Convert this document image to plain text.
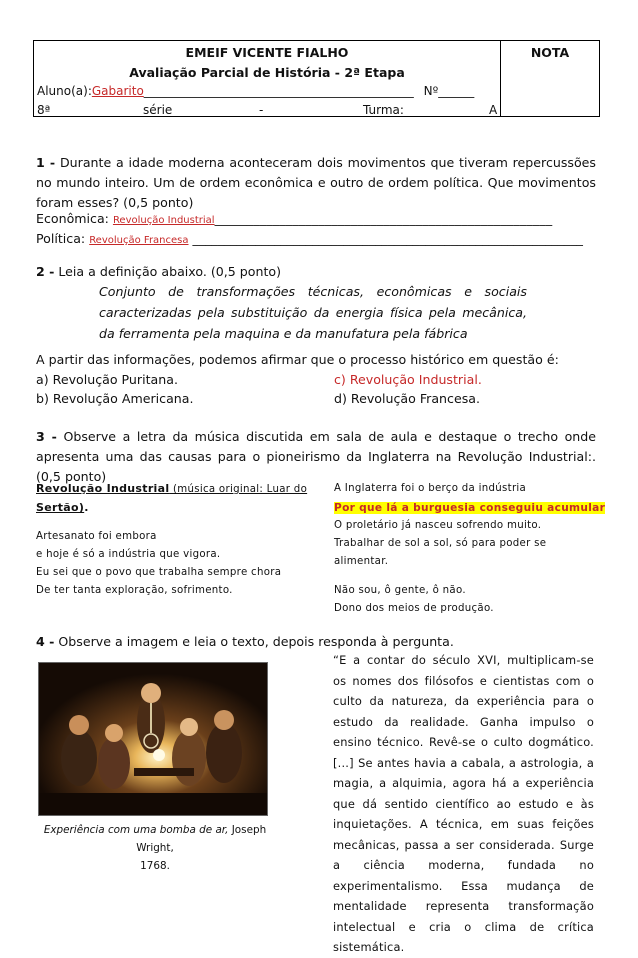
EMEIF VICENTE FIALHO
Avaliação Parcial de História - 2ª Etapa
Aluno(a):Gabarito_____________________________________________ Nº______
8ª	série	-	Turma:	A
NOTA
1 - Durante a idade moderna aconteceram dois movimentos que tiveram repercussões no mundo inteiro. Um de ordem econômica e outro de ordem política. Que movimentos foram esses? (0,5 ponto)
Econômica: Revolução Industrial____________________________________________________
Política: Revolução Francesa ______________________________________________________________
2 - Leia a definição abaixo. (0,5 ponto)
Conjunto de transformações técnicas, econômicas e sociais caracterizadas pela substituição da energia física pela mecânica, da ferramenta pela maquina e da manufatura pela fábrica
A partir das informações, podemos afirmar que o processo histórico em questão é:
a) Revolução Puritana.	c) Revolução Industrial.
b) Revolução Americana.	d) Revolução Francesa.
3 - Observe a letra da música discutida em sala de aula e destaque o trecho onde apresenta uma das causas para o pioneirismo da Inglaterra na Revolução Industrial:. (0,5 ponto)
Revolução Industrial (música original: Luar do
Sertão).
Artesanato foi embora
e hoje é só a indústria que vigora.
Eu sei que o povo que trabalha sempre chora
De ter tanta exploração, sofrimento.
A Inglaterra foi o berço da indústria
Por que lá a burguesia conseguiu acumular
O proletário já nasceu sofrendo muito.
Trabalhar de sol a sol, só para poder se
alimentar.
Não sou, ô gente, ô não.
Dono dos meios de produção.
4 - Observe a imagem e leia o texto, depois responda à pergunta.
Experiência com uma bomba de ar, Joseph Wright,
1768.
“E a contar do século XVI, multiplicam-se os nomes dos filósofos e cientistas com o culto da natureza, da experiência para o estudo da realidade. Ganha impulso o ensino técnico. Revê-se o culto dogmático. [...] Se antes havia a cabala, a astrologia, a magia, a alquimia, agora há a experiência que dá sentido científico ao estudo e às inquietações. A técnica, em suas feições mecânicas, passa a ser considerada. Surge a ciência moderna, fundada no experimentalismo. Essa mudança de mentalidade representa transformação intelectual e cria o clima de crítica sistemática.
